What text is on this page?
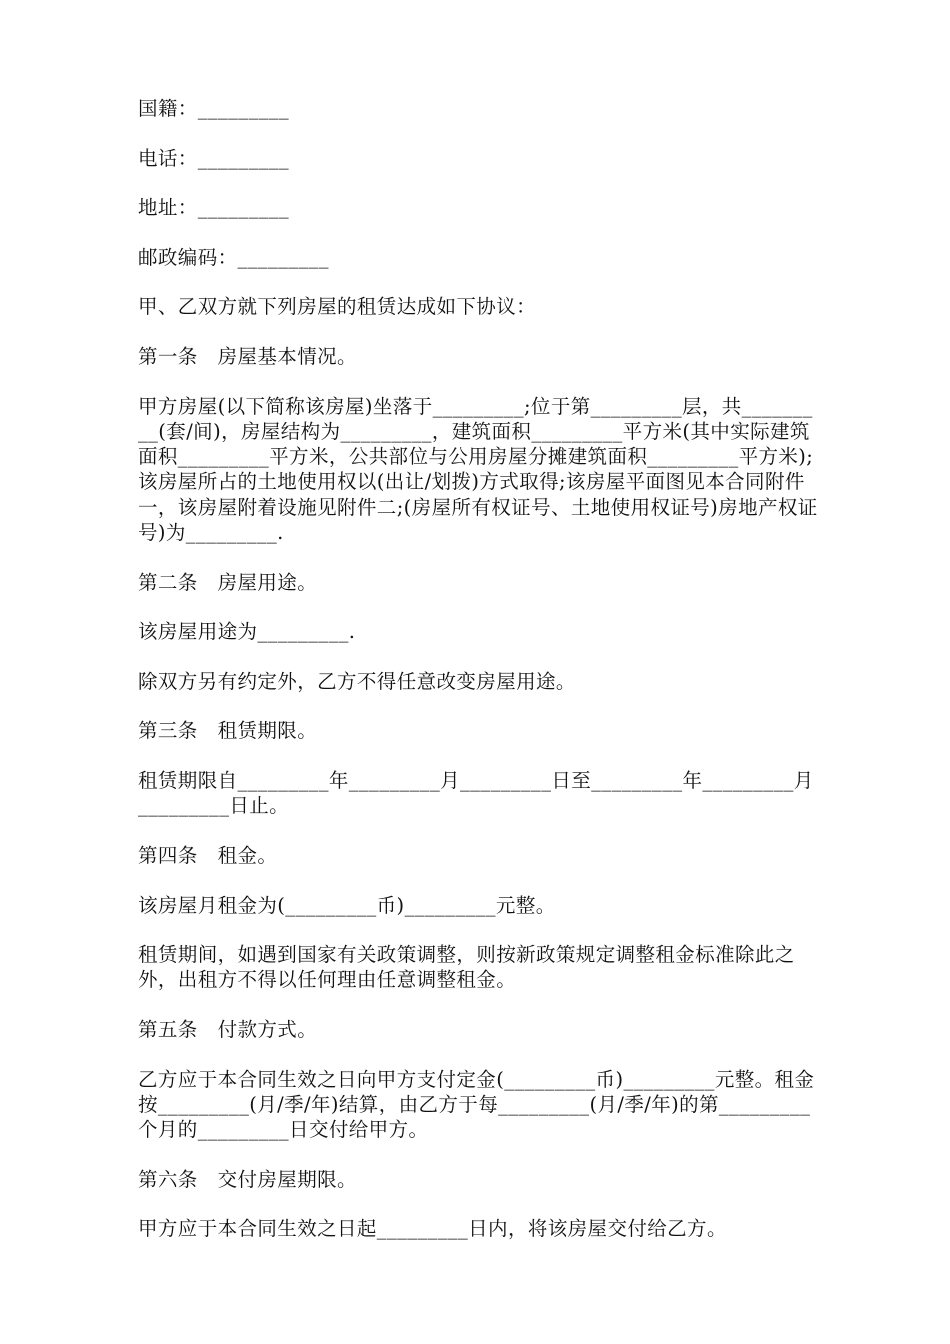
国籍：_________

电话：_________

地址：_________

邮政编码：_________

甲、乙双方就下列房屋的租赁达成如下协议：

第一条　房屋基本情况。

甲方房屋(以下简称该房屋)坐落于_________;位于第_________层，共_________(套/间)，房屋结构为_________，建筑面积_________平方米(其中实际建筑面积_________平方米，公共部位与公用房屋分摊建筑面积_________平方米);该房屋所占的土地使用权以(出让/划拨)方式取得;该房屋平面图见本合同附件一，该房屋附着设施见附件二;(房屋所有权证号、土地使用权证号)房地产权证号)为_________.

第二条　房屋用途。

该房屋用途为_________.

除双方另有约定外，乙方不得任意改变房屋用途。

第三条　租赁期限。

租赁期限自_________年_________月_________日至_________年_________月_________日止。

第四条　租金。

该房屋月租金为(_________币)_________元整。

租赁期间，如遇到国家有关政策调整，则按新政策规定调整租金标准除此之外，出租方不得以任何理由任意调整租金。

第五条　付款方式。

乙方应于本合同生效之日向甲方支付定金(_________币)_________元整。租金按_________(月/季/年)结算，由乙方于每_________(月/季/年)的第_________个月的_________日交付给甲方。

第六条　交付房屋期限。

甲方应于本合同生效之日起_________日内，将该房屋交付给乙方。
